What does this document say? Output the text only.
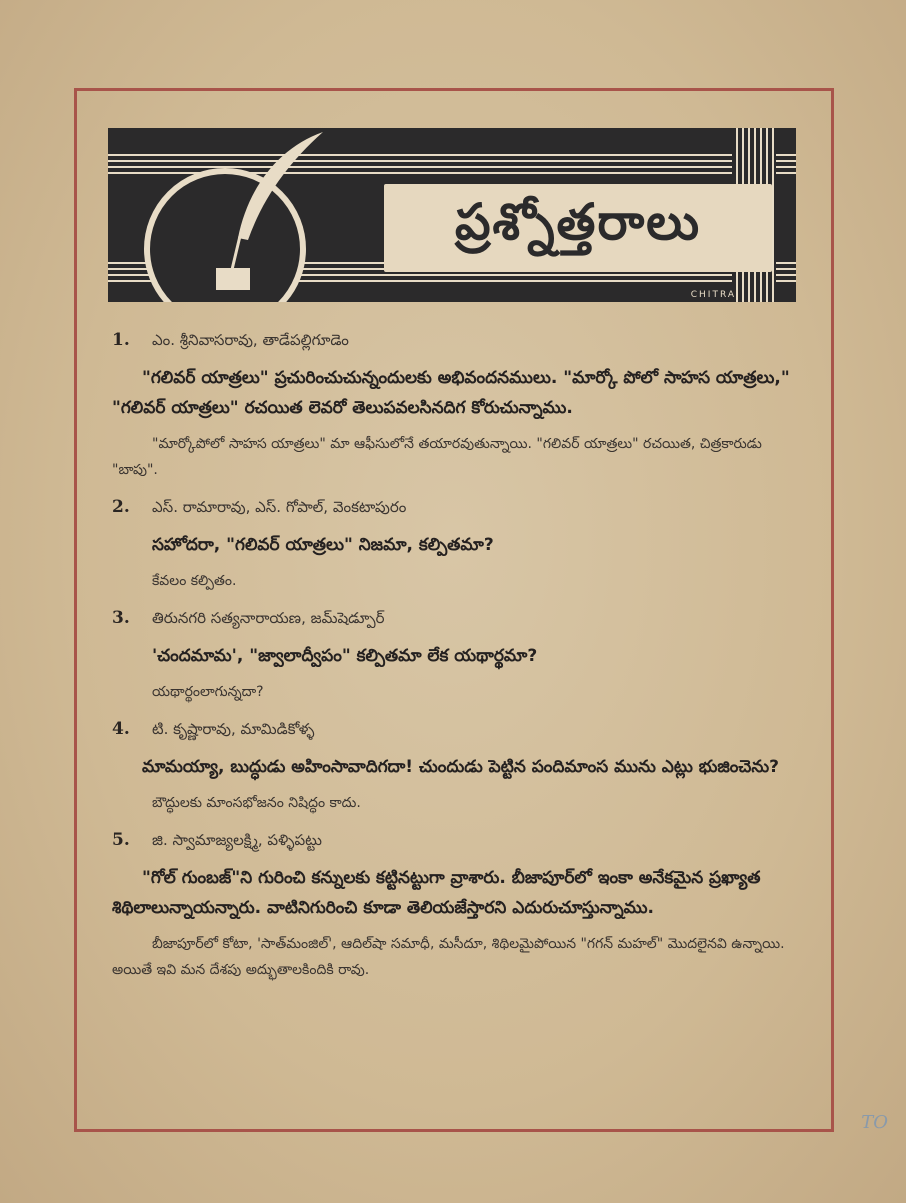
ప్రశ్నోత్తరాలు
CHITRA
1.	ఎం. శ్రీనివాసరావు, తాడేపల్లిగూడెం

"గలివర్ యాత్రలు" ప్రచురించుచున్నందులకు అభివందనములు. "మార్కో పోలో సాహస యాత్రలు," "గలివర్ యాత్రలు" రచయిత లెవరో తెలుపవలసినదిగ కోరుచున్నాము.

"మార్కోపోలో సాహస యాత్రలు" మా ఆఫీసులోనే తయారవుతున్నాయి. "గలివర్ యాత్రలు" రచయిత, చిత్రకారుడు "బాపు".

2.	ఎస్. రామారావు, ఎస్. గోపాల్, వెంకటాపురం

సహోదరా, "గలివర్ యాత్రలు" నిజమా, కల్పితమా?

కేవలం కల్పితం.

3.	తిరునగరి సత్యనారాయణ, జమ్‌షెడ్పూర్

'చందమామ', "జ్వాలాద్వీపం" కల్పితమా లేక యథార్థమా?

యథార్థంలాగున్నదా?

4.	టి. కృష్ణారావు, మామిడికోళ్ళ

మామయ్యా, బుద్ధుడు అహింసావాదిగదా! చుందుడు పెట్టిన పందిమాంస మును ఎట్లు భుజించెను?

బౌద్ధులకు మాంసభోజనం నిషిద్ధం కాదు.

5.	జి. స్వామాజ్యలక్ష్మి, పళ్ళిపట్టు

"గోల్ గుంబజ్"ని గురించి కన్నులకు కట్టినట్టుగా వ్రాశారు. బీజాపూర్‌లో ఇంకా అనేకమైన ప్రఖ్యాత శిథిలాలున్నాయన్నారు. వాటినిగురించి కూడా తెలియజేస్తారని ఎదురుచూస్తున్నాము.

బీజాపూర్‌లో కోటా, 'సాత్‌మంజిల్', ఆదిల్‌షా సమాధీ, మసీదూ, శిథిలమైపోయిన "గగన్ మహల్" మొదలైనవి ఉన్నాయి. అయితే ఇవి మన దేశపు అద్భుతాలకిందికి రావు.

TO
